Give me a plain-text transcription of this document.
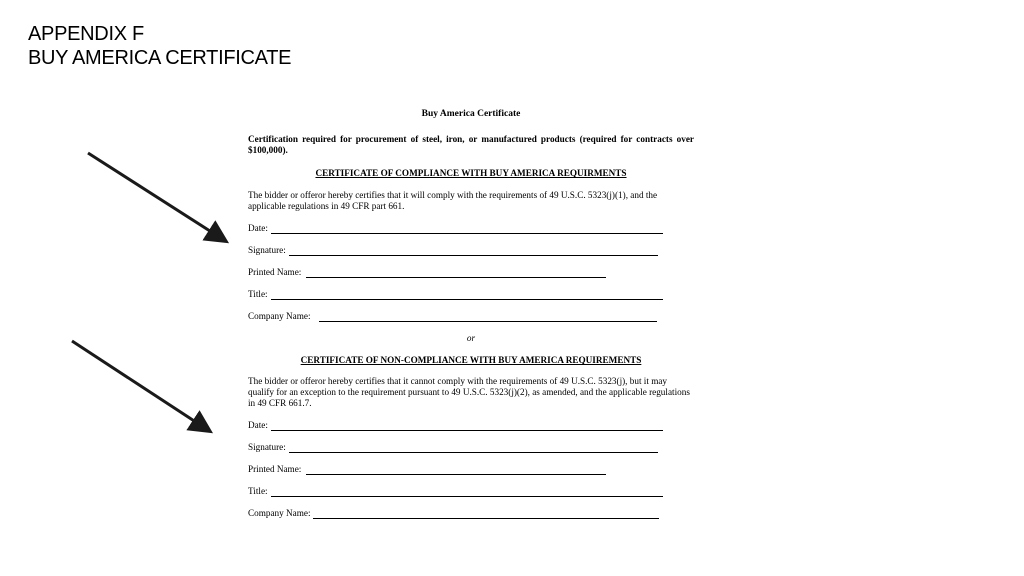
APPENDIX F
BUY AMERICA CERTIFICATE
Buy America Certificate
Certification required for procurement of steel, iron, or manufactured products (required for contracts over $100,000).
CERTIFICATE OF COMPLIANCE WITH BUY AMERICA REQUIRMENTS
The bidder or offeror hereby certifies that it will comply with the requirements of 49 U.S.C. 5323(j)(1), and the applicable regulations in 49 CFR part 661.
Date:
Signature:
Printed Name:
Title:
Company Name:
or
CERTIFICATE OF NON-COMPLIANCE WITH BUY AMERICA REQUIREMENTS
The bidder or offeror hereby certifies that it cannot comply with the requirements of 49 U.S.C. 5323(j), but it may qualify for an exception to the requirement pursuant to 49 U.S.C. 5323(j)(2), as amended, and the applicable regulations in 49 CFR 661.7.
Date:
Signature:
Printed Name:
Title:
Company Name:
